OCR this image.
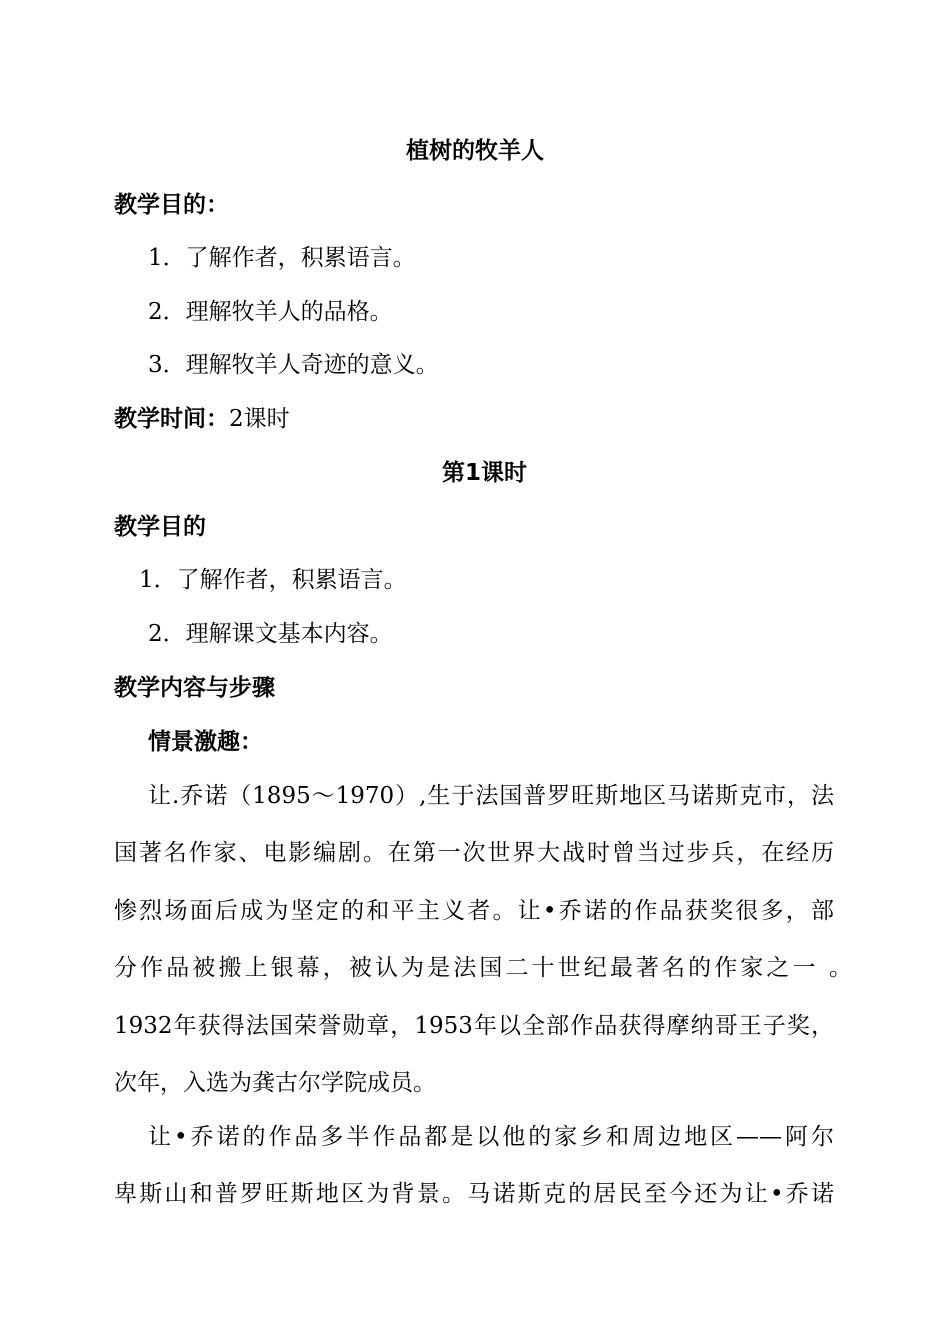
植树的牧羊人
教学目的：
1．了解作者，积累语言。
2．理解牧羊人的品格。
3．理解牧羊人奇迹的意义。
教学时间：2课时
第1课时
教学目的
1．了解作者，积累语言。
2．理解课文基本内容。
教学内容与步骤
情景激趣：
让.乔诺（1895～1970）,生于法国普罗旺斯地区马诺斯克市，法
国著名作家、电影编剧。在第一次世界大战时曾当过步兵，在经历
惨烈场面后成为坚定的和平主义者。让•乔诺的作品获奖很多，部
分作品被搬上银幕，被认为是法国二十世纪最著名的作家之一 。
1932年获得法国荣誉勋章，1953年以全部作品获得摩纳哥王子奖，
次年，入选为龚古尔学院成员。
让•乔诺的作品多半作品都是以他的家乡和周边地区——阿尔
卑斯山和普罗旺斯地区为背景。马诺斯克的居民至今还为让•乔诺
